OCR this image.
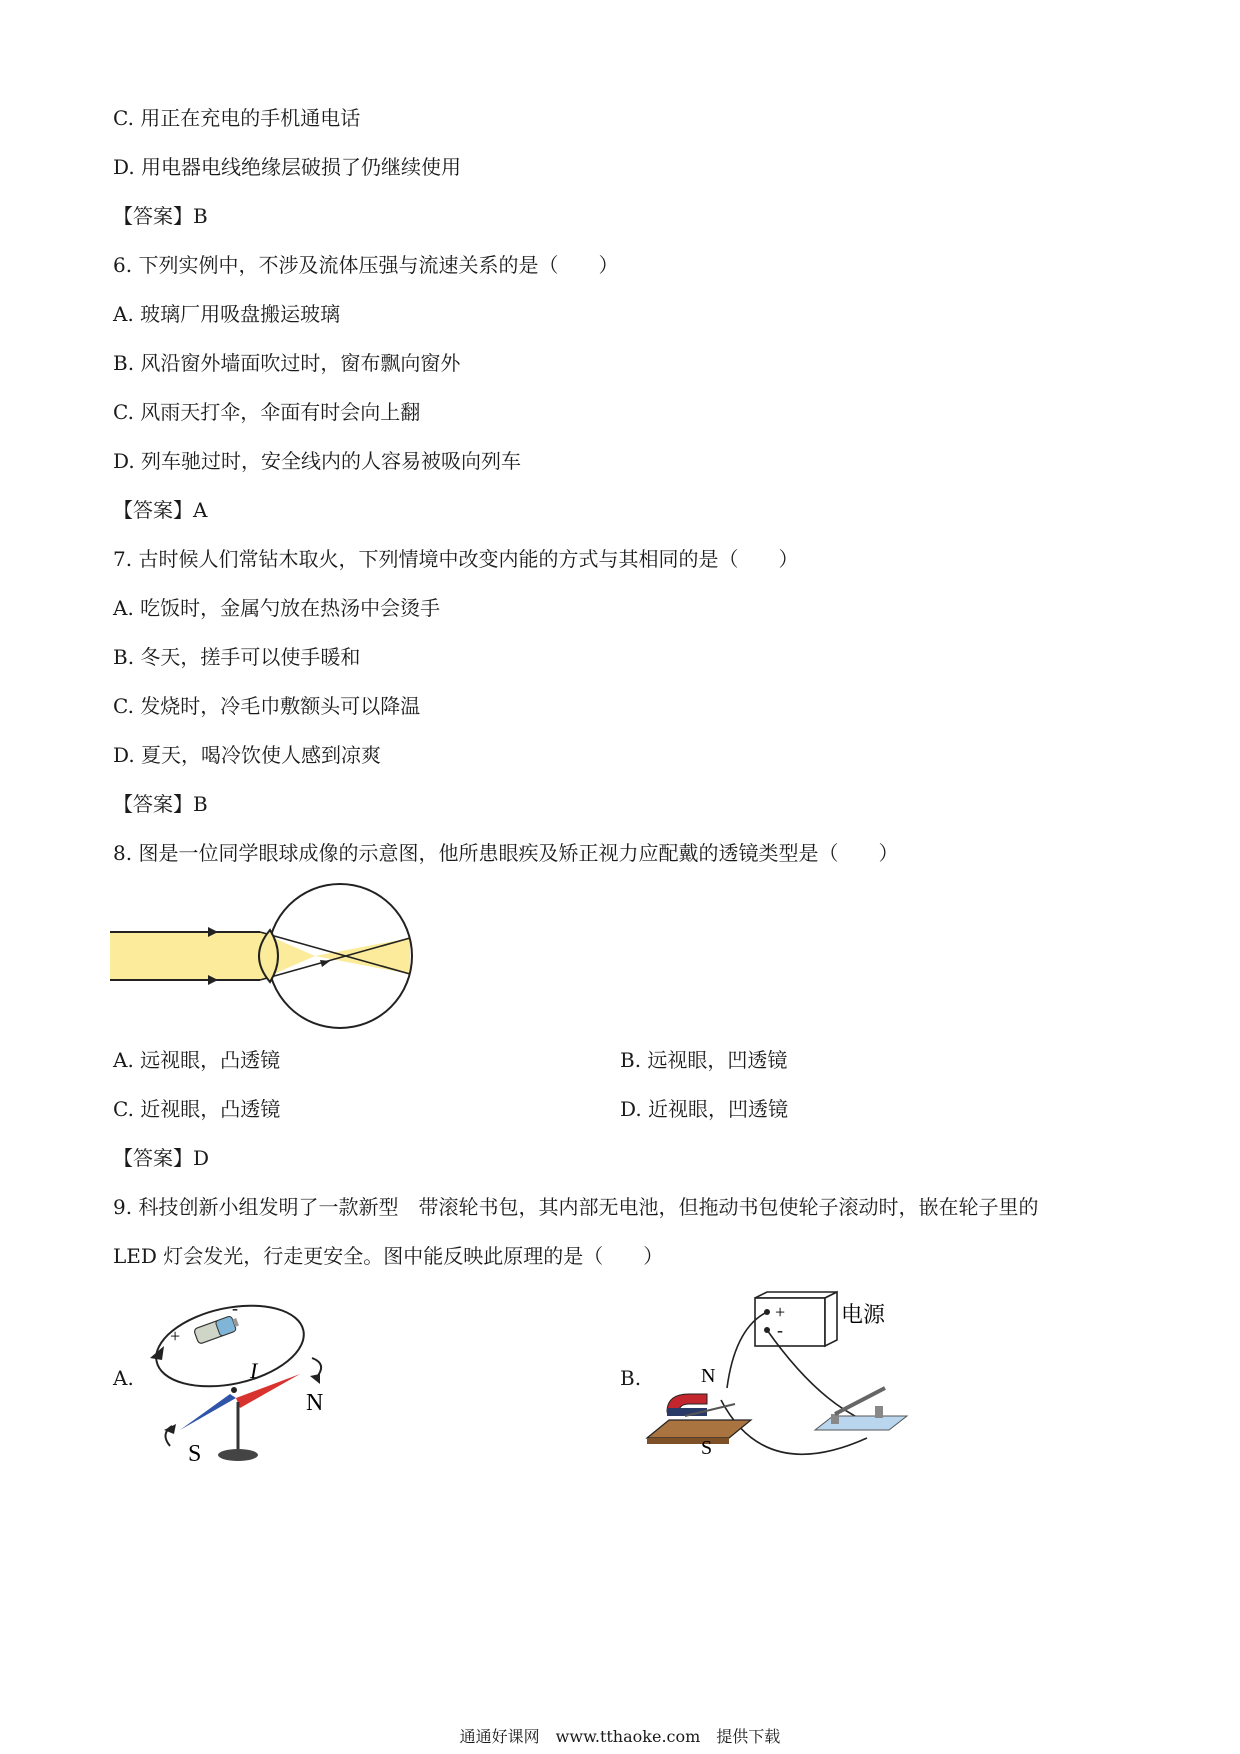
C. 用正在充电的手机通电话
D. 用电器电线绝缘层破损了仍继续使用
【答案】B
6. 下列实例中，不涉及流体压强与流速关系的是（　　）
A. 玻璃厂用吸盘搬运玻璃
B. 风沿窗外墙面吹过时，窗布飘向窗外
C. 风雨天打伞，伞面有时会向上翻
D. 列车驰过时，安全线内的人容易被吸向列车
【答案】A
7. 古时候人们常钻木取火，下列情境中改变内能的方式与其相同的是（　　）
A. 吃饭时，金属勺放在热汤中会烫手
B. 冬天，搓手可以使手暖和
C. 发烧时，冷毛巾敷额头可以降温
D. 夏天，喝冷饮使人感到凉爽
【答案】B
8. 图是一位同学眼球成像的示意图，他所患眼疾及矫正视力应配戴的透镜类型是（　　）
A. 远视眼，凸透镜	B. 远视眼，凹透镜
C. 近视眼，凸透镜	D. 近视眼，凹透镜
【答案】D
9. 科技创新小组发明了一款新型　带滚轮书包，其内部无电池，但拖动书包使轮子滚动时，嵌在轮子里的
LED 灯会发光，行走更安全。图中能反映此原理的是（　　）
A.
+
-
I
N
S
B.
+
-
电源
N
S
通通好课网　www.tthaoke.com　提供下载
